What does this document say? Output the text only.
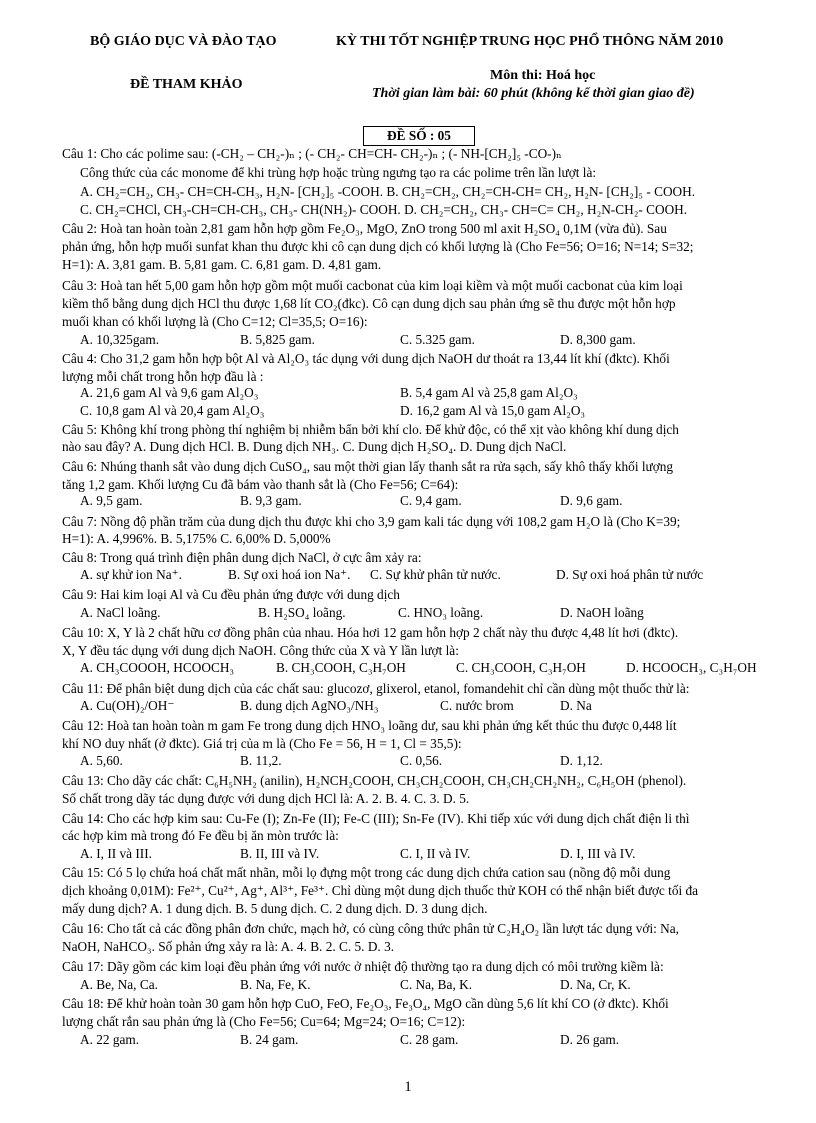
BỘ GIÁO DỤC VÀ ĐÀO TẠO	KỲ THI TỐT NGHIỆP TRUNG HỌC PHỔ THÔNG NĂM 2010
ĐỀ THAM KHẢO
Môn thi: Hoá học
Thời gian làm bài: 60 phút (không kể thời gian giao đề)
ĐỀ SỐ : 05
Câu 1: Cho các polime sau: (-CH₂ – CH₂-)ₙ ; (- CH₂- CH=CH- CH₂-)ₙ ; (- NH-[CH₂]₅ -CO-)ₙ
Công thức của các monome để khi trùng hợp hoặc trùng ngưng tạo ra các polime trên lần lượt là:
A. CH₂=CH₂, CH₃- CH=CH-CH₃, H₂N- [CH₂]₅ -COOH. B. CH₂=CH₂, CH₂=CH-CH= CH₂, H₂N- [CH₂]₅ - COOH.
C. CH₂=CHCl, CH₃-CH=CH-CH₃, CH₃- CH(NH₂)- COOH. D. CH₂=CH₂, CH₃- CH=C= CH₂, H₂N-CH₂- COOH.
Câu 2: Hoà tan hoàn toàn 2,81 gam hỗn hợp gồm Fe₂O₃, MgO, ZnO trong 500 ml axit H₂SO₄ 0,1M (vừa đủ). Sau
phản ứng, hỗn hợp muối sunfat khan thu được khi cô cạn dung dịch có khối lượng là (Cho Fe=56; O=16; N=14; S=32;
H=1): A. 3,81 gam. B. 5,81 gam. C. 6,81 gam. D. 4,81 gam.
Câu 3: Hoà tan hết 5,00 gam hỗn hợp gồm một muối cacbonat của kim loại kiềm và một muối cacbonat của kim loại
kiềm thổ bằng dung dịch HCl thu được 1,68 lít CO₂(đkc). Cô cạn dung dịch sau phản ứng sẽ thu được một hỗn hợp
muối khan có khối lượng là (Cho C=12; Cl=35,5; O=16):
A. 10,325gam.	B. 5,825 gam.	C. 5.325 gam.	D. 8,300 gam.
Câu 4: Cho 31,2 gam hỗn hợp bột Al và Al₂O₃ tác dụng với dung dịch NaOH dư thoát ra 13,44 lít khí (đktc). Khối
lượng mỗi chất trong hỗn hợp đầu là :
A. 21,6 gam Al và 9,6 gam Al₂O₃	B. 5,4 gam Al và 25,8 gam Al₂O₃
C. 10,8 gam Al và 20,4 gam Al₂O₃	D. 16,2 gam Al và 15,0 gam Al₂O₃
Câu 5: Không khí trong phòng thí nghiệm bị nhiễm bẩn bởi khí clo. Để khử độc, có thể xịt vào không khí dung dịch
nào sau đây? A. Dung dịch HCl. B. Dung dịch NH₃. C. Dung dịch H₂SO₄. D. Dung dịch NaCl.
Câu 6: Nhúng thanh sắt vào dung dịch CuSO₄, sau một thời gian lấy thanh sắt ra rửa sạch, sấy khô thấy khối lượng
tăng 1,2 gam. Khối lượng Cu đã bám vào thanh sắt là (Cho Fe=56; C=64):
A. 9,5 gam.	B. 9,3 gam.	C. 9,4 gam.	D. 9,6 gam.
Câu 7: Nồng độ phần trăm của dung dịch thu được khi cho 3,9 gam kali tác dụng với 108,2 gam H₂O là (Cho K=39;
H=1): A. 4,996%. B. 5,175% C. 6,00% D. 5,000%
Câu 8: Trong quá trình điện phân dung dịch NaCl, ở cực âm xảy ra:
A. sự khử ion Na⁺.	B. Sự oxi hoá ion Na⁺. C. Sự khử phân tử nước.	D. Sự oxi hoá phân tử nước
Câu 9: Hai kim loại Al và Cu đều phản ứng được với dung dịch
A. NaCl loãng.	B. H₂SO₄ loãng.	C. HNO₃ loãng.	D. NaOH loãng
Câu 10: X, Y là 2 chất hữu cơ đồng phân của nhau. Hóa hơi 12 gam hỗn hợp 2 chất này thu được 4,48 lít hơi (đktc).
X, Y đều tác dụng với dung dịch NaOH. Công thức của X và Y lần lượt là:
A. CH₃COOOH, HCOOCH₃	B. CH₃COOH, C₃H₇OH	C. CH₃COOH, C₃H₇OH	D. HCOOCH₃, C₃H₇OH
Câu 11: Để phân biệt dung dịch của các chất sau: glucozơ, glixerol, etanol, fomandehit chỉ cần dùng một thuốc thử là:
A. Cu(OH)₂/OH⁻	B. dung dịch AgNO₃/NH₃	C. nước brom	D. Na
Câu 12: Hoà tan hoàn toàn m gam Fe trong dung dịch HNO₃ loãng dư, sau khi phản ứng kết thúc thu được 0,448 lít
khí NO duy nhất (ở đktc). Giá trị của m là (Cho Fe = 56, H = 1, Cl = 35,5):
A. 5,60.	B. 11,2.	C. 0,56.	D. 1,12.
Câu 13: Cho dãy các chất: C₆H₅NH₂ (anilin), H₂NCH₂COOH, CH₃CH₂COOH, CH₃CH₂CH₂NH₂, C₆H₅OH (phenol).
Số chất trong dãy tác dụng được với dung dịch HCl là: A. 2. B. 4. C. 3. D. 5.
Câu 14: Cho các hợp kim sau: Cu-Fe (I); Zn-Fe (II); Fe-C (III); Sn-Fe (IV). Khi tiếp xúc với dung dịch chất điện li thì
các hợp kim mà trong đó Fe đều bị ăn mòn trước là:
A. I, II và III.	B. II, III và IV.	C. I, II và IV.	D. I, III và IV.
Câu 15: Có 5 lọ chứa hoá chất mất nhãn, mỗi lọ đựng một trong các dung dịch chứa cation sau (nồng độ mỗi dung
dịch khoảng 0,01M): Fe²⁺, Cu²⁺, Ag⁺, Al³⁺, Fe³⁺. Chỉ dùng một dung dịch thuốc thử KOH có thể nhận biết được tối đa
mấy dung dịch? A. 1 dung dịch. B. 5 dung dịch. C. 2 dung dịch. D. 3 dung dịch.
Câu 16: Cho tất cả các đồng phân đơn chức, mạch hở, có cùng công thức phân tử C₂H₄O₂ lần lượt tác dụng với: Na,
NaOH, NaHCO₃. Số phản ứng xảy ra là: A. 4. B. 2. C. 5. D. 3.
Câu 17: Dãy gồm các kim loại đều phản ứng với nước ở nhiệt độ thường tạo ra dung dịch có môi trường kiềm là:
A. Be, Na, Ca.	B. Na, Fe, K.	C. Na, Ba, K.	D. Na, Cr, K.
Câu 18: Để khử hoàn toàn 30 gam hỗn hợp CuO, FeO, Fe₂O₃, Fe₃O₄, MgO cần dùng 5,6 lít khí CO (ở đktc). Khối
lượng chất rắn sau phản ứng là (Cho Fe=56; Cu=64; Mg=24; O=16; C=12):
A. 22 gam.	B. 24 gam.	C. 28 gam.	D. 26 gam.
1
